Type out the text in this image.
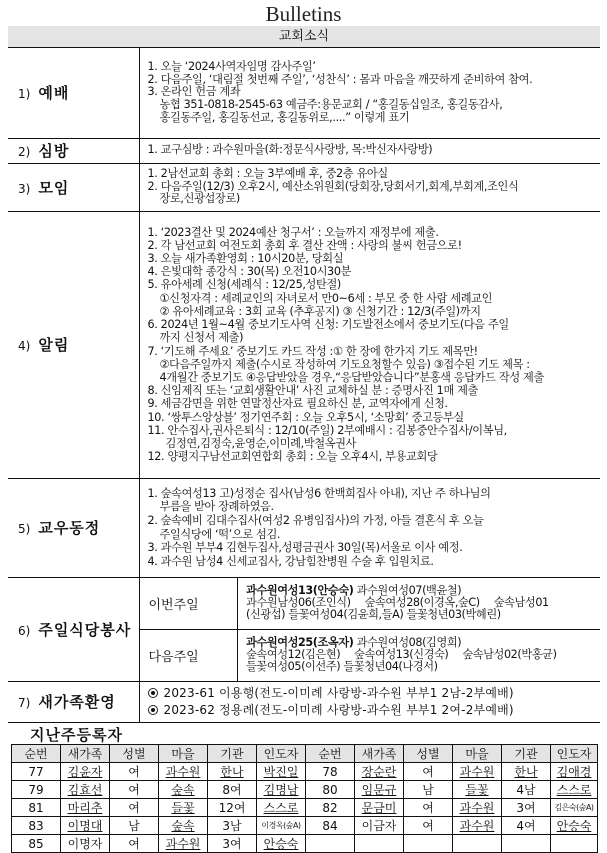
Bulletins
교회소식
1) 예배	
1. 오늘 ‘2024사역자임명 감사주일’
2. 다음주일, ‘대림절 첫번째 주일’, ‘성찬식’ : 몸과 마음을 깨끗하게 준비하여 참여.
3. 온라인 헌금 계좌
농협 351-0818-2545-63 예금주:용문교회 / “홍길동십일조, 홍길동감사,
홍길동주일, 홍길동선교, 홍길동위로,....” 이렇게 표기

2) 심방	1. 교구심방 : 과수원마을(화:정문식사랑방, 목:박신자사랑방)

3) 모임	
1. 2남선교회 총회 : 오늘 3부예배 후, 중2층 유아실
2. 다음주일(12/3) 오후2시, 예산소위원회(당회장,당회서기,회계,부회계,조인식
장로,신광섭장로)

4) 알림	
1. ‘2023결산 및 2024예산 청구서’ : 오늘까지 재정부에 제출.
2. 각 남선교회 여전도회 총회 후 결산 잔액 : 사랑의 불씨 헌금으로!
3. 오늘 새가족환영회 : 10시20분, 당회실
4. 은빛대학 종강식 : 30(목) 오전10시30분
5. 유아세례 신청(세례식 : 12/25,성탄절)
①신청자격 : 세례교인의 자녀로서 만0~6세 : 부모 중 한 사람 세례교인
② 유아세례교육 : 3회 교육 (추후공지) ③ 신청기간 : 12/3(주일)까지
6. 2024년 1월~4월 중보기도사역 신청: 기도발전소에서 중보기도(다음 주일
까지 신청서 제출)
7. ‘기도해 주세요’ 중보기도 카드 작성 :① 한 장에 한가지 기도 제목만!
②다음주일까지 제출(수시로 작성하여 기도요청할수 있음) ③접수된 기도 제목 :
4개월간 중보기도 ④응답받았을 경우,“응답받았습니다”분홍색 응답카드 작성 제출
8. 신임제직 또는 ‘교회생활안내’ 사진 교체하실 분 : 증명사진 1매 제출
9. 세금감면을 위한 연말정산자료 필요하신 분, 교역자에게 신청.
10. ‘쌍투스앙상블’ 정기연주회 : 오늘 오후5시, ‘소망회’ 중고등부실
11. 안수집사,권사은퇴식 : 12/10(주일) 2부예배시 : 김봉중안수집사/이복님,
김정연,김정숙,윤영순,이미례,박철옥권사
12. 양평지구남선교회연합회 총회 : 오늘 오후4시, 부용교회당

5) 교우동정	
1. 숲속여성13 고)성정순 집사(남성6 한백희집사 아내), 지난 주 하나님의
부름을 받아 장례하였음.
2. 숲속예비 김대수집사(여성2 유병임집사)의 가정, 아들 결혼식 후 오늘
주일식당에 ‘떡’으로 섬김.
3. 과수원 부부4 김현두집사,성평금권사 30일(목)서울로 이사 예정.
4. 과수원 남성4 신세교집사, 강남힘찬병원 수술 후 입원치료.

6) 주일식당봉사	
이번주일	
과수원여성13(안승숙) 과수원여성07(백윤철)
과수원남성06(조인식)　 숲속여성28(이경옥,숲C)　 숲속남성01
(신광섭) 들꽃여성04(김윤희,들A) 들꽃청년03(박혜린)

다음주일	
과수원여성25(조옥자) 과수원여성08(김영희)
숲속여성12(김은현)　 숲속여성13(신경숙)　 숲속남성02(박홍균)
들꽃여성05(이선주) 들꽃청년04(나경서)

7) 새가족환영	
2023-61 이용행(전도-이미례 사랑방-과수원 부부1 2남-2부예배)
2023-62 정용례(전도-이미례 사랑방-과수원 부부1 2여-2부예배)
지난주등록자
순번	새가족	성별	마을	기관	인도자	순번	새가족	성별	마을	기관	인도자
77	김윤자	여	과수원	한나	박진일	78	장순란	여	과수원	한나	김애경
79	김효선	여	숲속	8여	김명남	80	임문규	남	들꽃	4남	스스로
81	마리추	여	들꽃	12여	스스로	82	문금미	여	과수원	3여	김은숙(숲A)
83	이명대	남	숲속	3남	이경옥(숲A)	84	이금자	여	과수원	4여	안승숙
85	이명자	여	과수원	3여	안승숙						
